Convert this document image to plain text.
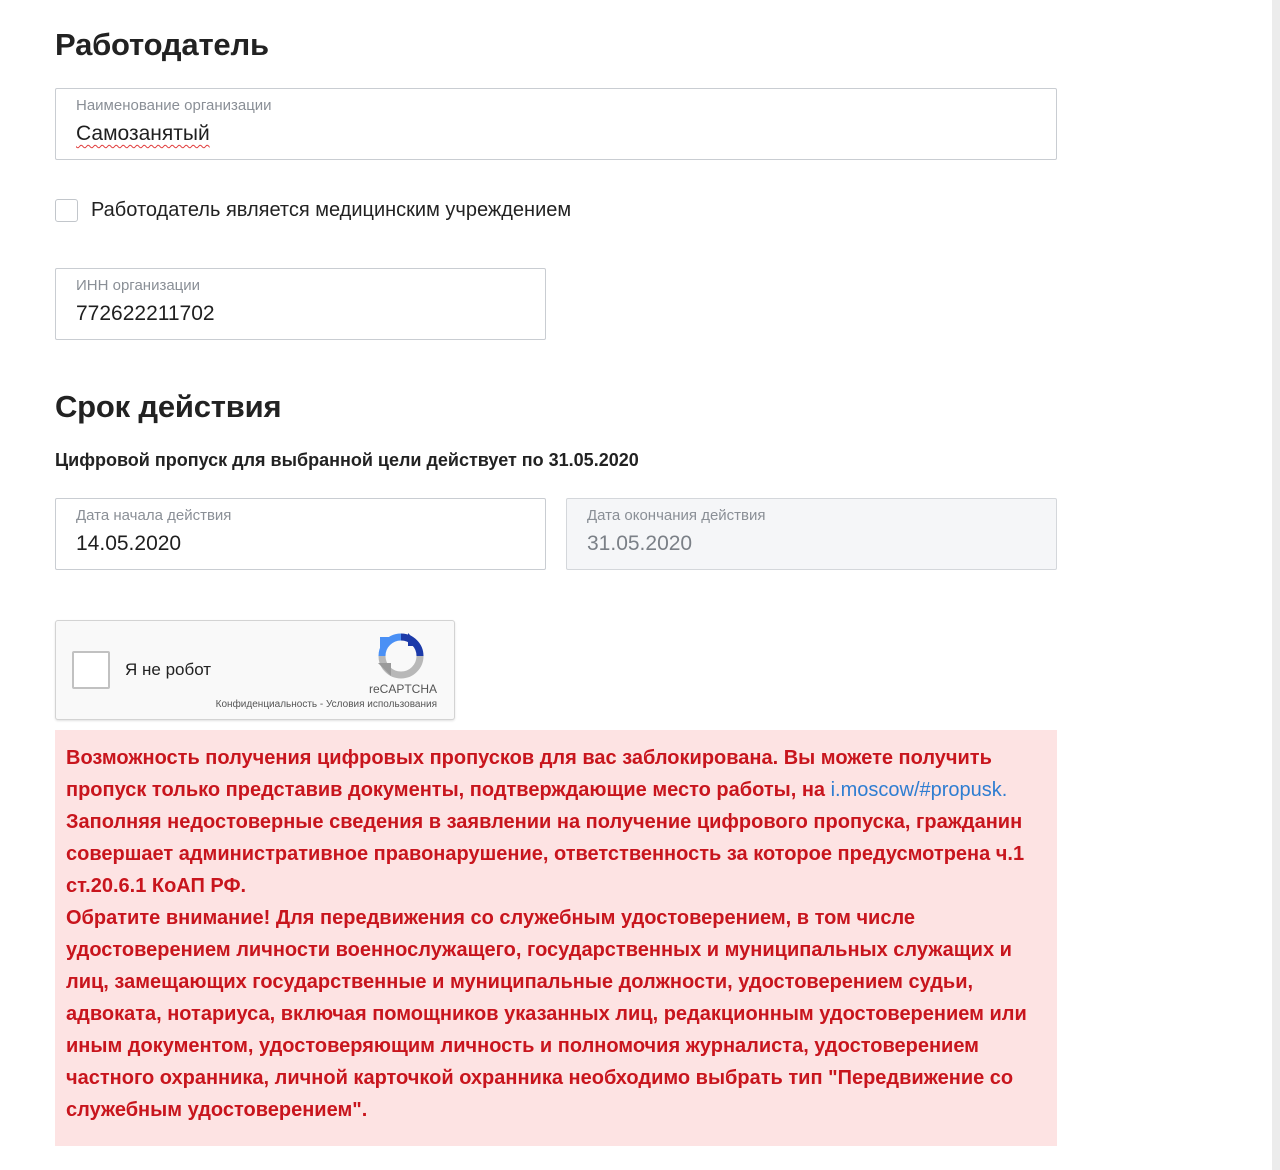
Работодатель
Наименование организации
Самозанятый
Работодатель является медицинским учреждением
ИНН организации
772622211702
Срок действия
Цифровой пропуск для выбранной цели действует по 31.05.2020
Дата начала действия
14.05.2020
Дата окончания действия
31.05.2020
Я не робот
reCAPTCHA
Конфиденциальность - Условия использования

Возможность получения цифровых пропусков для вас заблокирована. Вы можете получить пропуск только представив документы, подтверждающие место работы, на i.moscow/#propusk.

Заполняя недостоверные сведения в заявлении на получение цифрового пропуска, гражданин совершает административное правонарушение, ответственность за которое предусмотрена ч.1 ст.20.6.1 КоАП РФ.

Обратите внимание! Для передвижения со служебным удостоверением, в том числе удостоверением личности военнослужащего, государственных и муниципальных служащих и лиц, замещающих государственные и муниципальные должности, удостоверением судьи, адвоката, нотариуса, включая помощников указанных лиц, редакционным удостоверением или иным документом, удостоверяющим личность и полномочия журналиста, удостоверением частного охранника, личной карточкой охранника необходимо выбрать тип "Передвижение со служебным удостоверением".
